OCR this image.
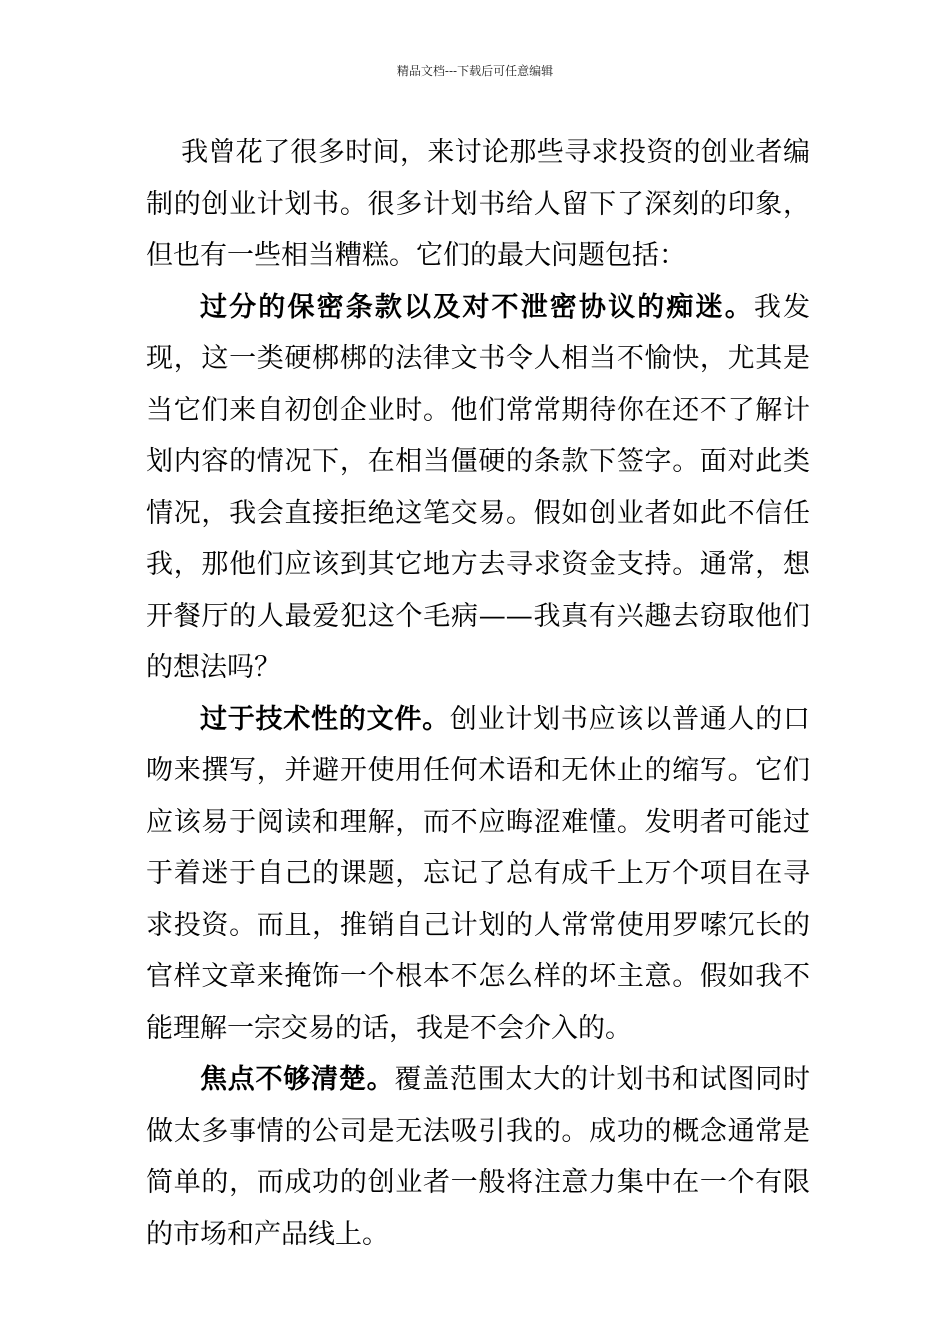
精品文档---下载后可任意编辑

我曾花了很多时间，来讨论那些寻求投资的创业者编制的创业计划书。很多计划书给人留下了深刻的印象，但也有一些相当糟糕。它们的最大问题包括：

过分的保密条款以及对不泄密协议的痴迷。我发现，这一类硬梆梆的法律文书令人相当不愉快，尤其是当它们来自初创企业时。他们常常期待你在还不了解计划内容的情况下，在相当僵硬的条款下签字。面对此类情况，我会直接拒绝这笔交易。假如创业者如此不信任我，那他们应该到其它地方去寻求资金支持。通常，想开餐厅的人最爱犯这个毛病——我真有兴趣去窃取他们的想法吗？

过于技术性的文件。创业计划书应该以普通人的口吻来撰写，并避开使用任何术语和无休止的缩写。它们应该易于阅读和理解，而不应晦涩难懂。发明者可能过于着迷于自己的课题，忘记了总有成千上万个项目在寻求投资。而且，推销自己计划的人常常使用罗嗦冗长的官样文章来掩饰一个根本不怎么样的坏主意。假如我不能理解一宗交易的话，我是不会介入的。

焦点不够清楚。覆盖范围太大的计划书和试图同时做太多事情的公司是无法吸引我的。成功的概念通常是简单的，而成功的创业者一般将注意力集中在一个有限的市场和产品线上。
